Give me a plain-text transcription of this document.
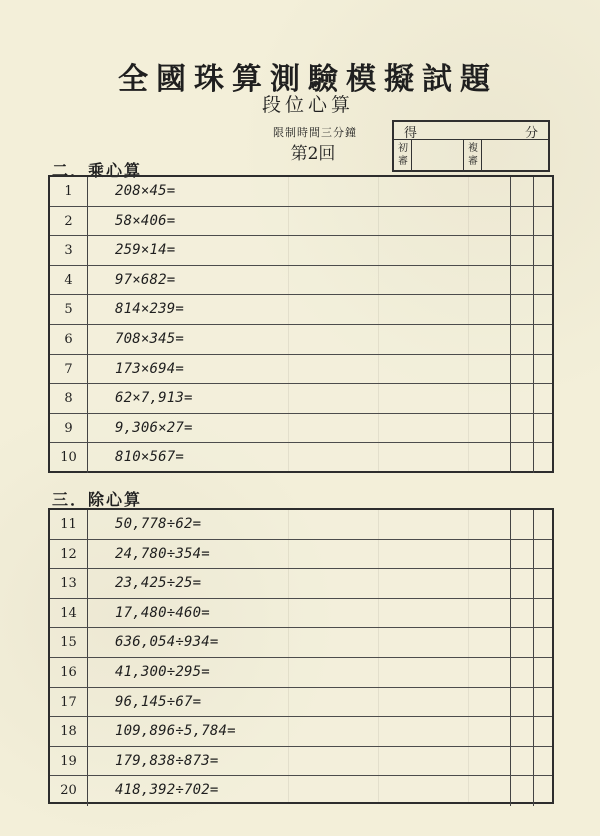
全國珠算測驗模擬試題
段位心算
限制時間三分鐘
第2回
得	分
初審
複審
二．乘心算
1	208×45=
2	58×406=
3	259×14=
4	97×682=
5	814×239=
6	708×345=
7	173×694=
8	62×7,913=
9	9,306×27=
10	810×567=
三．除心算
11	50,778÷62=
12	24,780÷354=
13	23,425÷25=
14	17,480÷460=
15	636,054÷934=
16	41,300÷295=
17	96,145÷67=
18	109,896÷5,784=
19	179,838÷873=
20	418,392÷702=
